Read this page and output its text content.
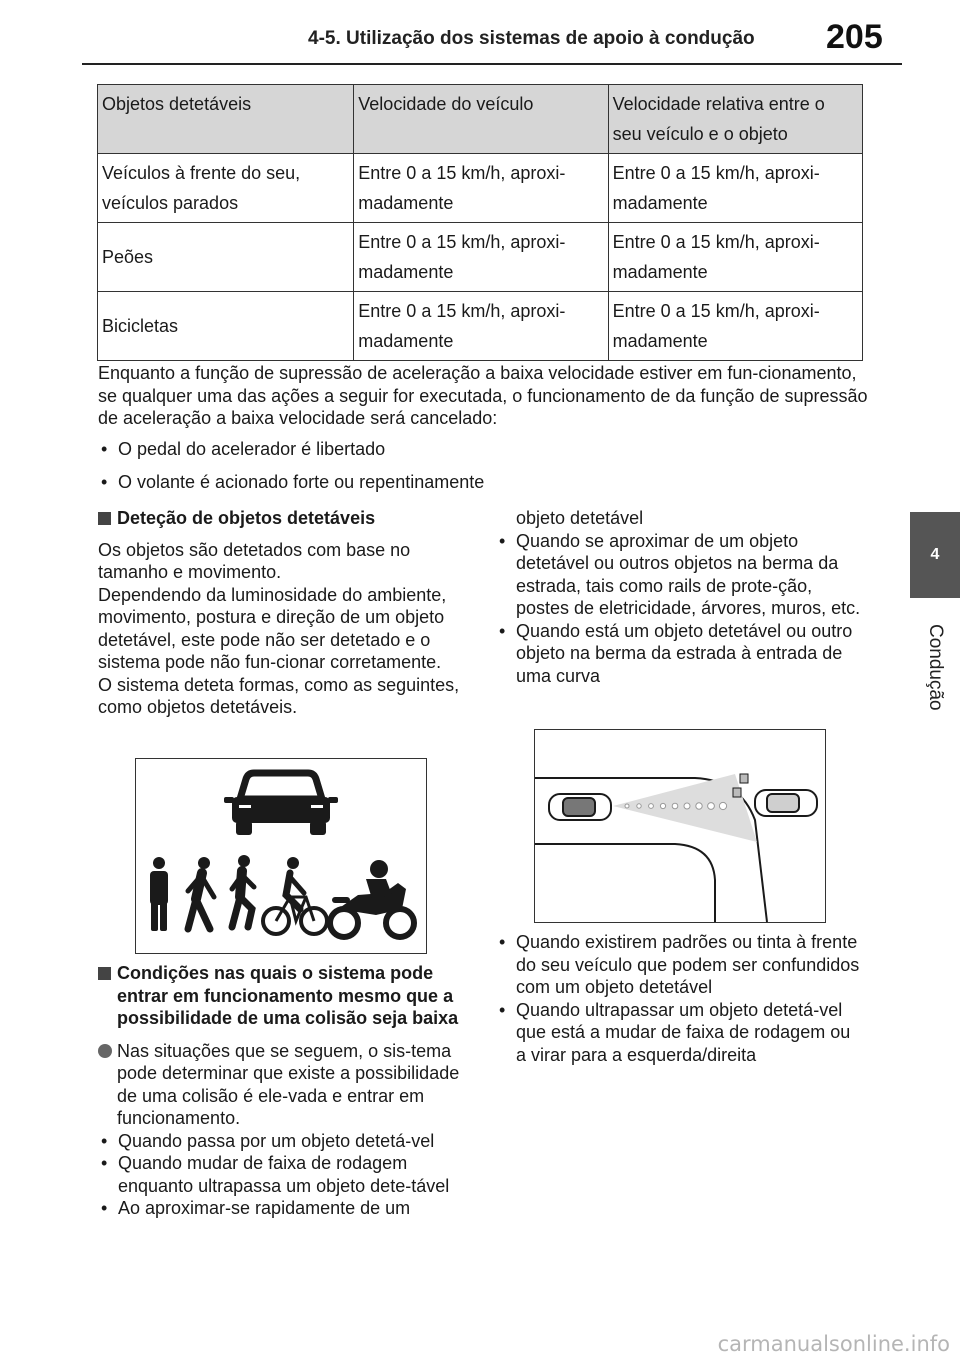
4-5. Utilização dos sistemas de apoio à condução	205
4
Condução
Objetos detetáveis	Velocidade do veículo	Velocidade relativa entre o seu veículo e o objeto
Veículos à frente do seu, veículos parados	Entre 0 a 15 km/h, aproxi-madamente	Entre 0 a 15 km/h, aproxi-madamente
Peões	Entre 0 a 15 km/h, aproxi-madamente	Entre 0 a 15 km/h, aproxi-madamente
Bicicletas	Entre 0 a 15 km/h, aproxi-madamente	Entre 0 a 15 km/h, aproxi-madamente
Enquanto a função de supressão de aceleração a baixa velocidade estiver em fun-cionamento, se qualquer uma das ações a seguir for executada, o funcionamento de da função de supressão de aceleração a baixa velocidade será cancelado:
• O pedal do acelerador é libertado
• O volante é acionado forte ou repentinamente
Deteção de objetos detetáveis
Os objetos são detetados com base no tamanho e movimento.
Dependendo da luminosidade do ambiente, movimento, postura e direção de um objeto detetável, este pode não ser detetado e o sistema pode não fun-cionar corretamente.
O sistema deteta formas, como as seguintes, como objetos detetáveis.
Condições nas quais o sistema pode entrar em funcionamento mesmo que a possibilidade de uma colisão seja baixa
Nas situações que se seguem, o sis-tema pode determinar que existe a possibilidade de uma colisão é ele-vada e entrar em funcionamento.
• Quando passa por um objeto detetá-vel
• Quando mudar de faixa de rodagem enquanto ultrapassa um objeto dete-tável
• Ao aproximar-se rapidamente de um
objeto detetável
• Quando se aproximar de um objeto detetável ou outros objetos na berma da estrada, tais como rails de prote-ção, postes de eletricidade, árvores, muros, etc.
• Quando está um objeto detetável ou outro objeto na berma da estrada à entrada de uma curva
• Quando existirem padrões ou tinta à frente do seu veículo que podem ser confundidos com um objeto detetável
• Quando ultrapassar um objeto detetá-vel que está a mudar de faixa de rodagem ou a virar para a esquerda/direita
carmanualsonline.info
